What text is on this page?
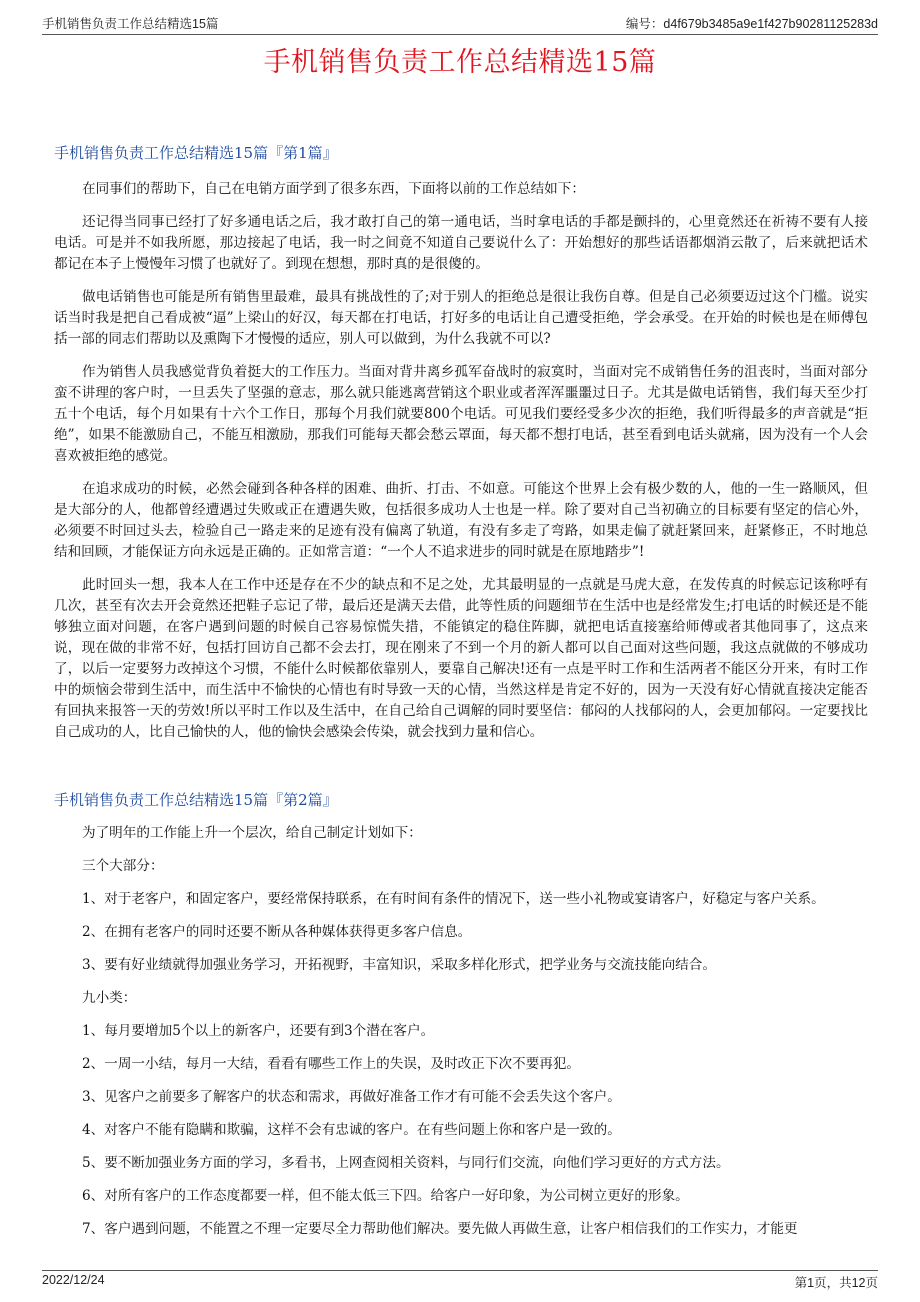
手机销售负责工作总结精选15篇	编号：d4f679b3485a9e1f427b90281125283d
手机销售负责工作总结精选15篇
手机销售负责工作总结精选15篇『第1篇』

在同事们的帮助下，自己在电销方面学到了很多东西，下面将以前的工作总结如下：

还记得当同事已经打了好多通电话之后，我才敢打自己的第一通电话，当时拿电话的手都是颤抖的，心里竟然还在祈祷不要有人接电话。可是并不如我所愿，那边接起了电话，我一时之间竟不知道自己要说什么了：开始想好的那些话语都烟消云散了，后来就把话术都记在本子上慢慢年习惯了也就好了。到现在想想，那时真的是很傻的。

做电话销售也可能是所有销售里最难，最具有挑战性的了;对于别人的拒绝总是很让我伤自尊。但是自己必须要迈过这个门槛。说实话当时我是把自己看成被“逼”上梁山的好汉，每天都在打电话，打好多的电话让自己遭受拒绝，学会承受。在开始的时候也是在师傅包括一部的同志们帮助以及熏陶下才慢慢的适应，别人可以做到，为什么我就不可以?

作为销售人员我感觉背负着挺大的工作压力。当面对背井离乡孤军奋战时的寂寞时，当面对完不成销售任务的沮丧时，当面对部分蛮不讲理的客户时，一旦丢失了坚强的意志，那么就只能逃离营销这个职业或者浑浑噩噩过日子。尤其是做电话销售，我们每天至少打五十个电话，每个月如果有十六个工作日，那每个月我们就要800个电话。可见我们要经受多少次的拒绝，我们听得最多的声音就是“拒绝”，如果不能激励自己，不能互相激励，那我们可能每天都会愁云罩面，每天都不想打电话，甚至看到电话头就痛，因为没有一个人会喜欢被拒绝的感觉。

在追求成功的时候，必然会碰到各种各样的困难、曲折、打击、不如意。可能这个世界上会有极少数的人，他的一生一路顺风，但是大部分的人，他都曾经遭遇过失败或正在遭遇失败，包括很多成功人士也是一样。除了要对自己当初确立的目标要有坚定的信心外，必须要不时回过头去，检验自己一路走来的足迹有没有偏离了轨道，有没有多走了弯路，如果走偏了就赶紧回来，赶紧修正，不时地总结和回顾，才能保证方向永远是正确的。正如常言道：“一个人不追求进步的同时就是在原地踏步”!

此时回头一想，我本人在工作中还是存在不少的缺点和不足之处，尤其最明显的一点就是马虎大意，在发传真的时候忘记该称呼有几次，甚至有次去开会竟然还把鞋子忘记了带，最后还是满天去借，此等性质的问题细节在生活中也是经常发生;打电话的时候还是不能够独立面对问题，在客户遇到问题的时候自己容易惊慌失措，不能镇定的稳住阵脚，就把电话直接塞给师傅或者其他同事了，这点来说，现在做的非常不好，包括打回访自己都不会去打，现在刚来了不到一个月的新人都可以自己面对这些问题，我这点就做的不够成功了，以后一定要努力改掉这个习惯，不能什么时候都依靠别人，要靠自己解决!还有一点是平时工作和生活两者不能区分开来，有时工作中的烦恼会带到生活中，而生活中不愉快的心情也有时导致一天的心情，当然这样是肯定不好的，因为一天没有好心情就直接决定能否有回执来报答一天的劳效!所以平时工作以及生活中，在自己给自己调解的同时要坚信：郁闷的人找郁闷的人，会更加郁闷。一定要找比自己成功的人，比自己愉快的人，他的愉快会感染会传染，就会找到力量和信心。

手机销售负责工作总结精选15篇『第2篇』

为了明年的工作能上升一个层次，给自己制定计划如下：

三个大部分：

1、对于老客户，和固定客户，要经常保持联系，在有时间有条件的情况下，送一些小礼物或宴请客户，好稳定与客户关系。

2、在拥有老客户的同时还要不断从各种媒体获得更多客户信息。

3、要有好业绩就得加强业务学习，开拓视野，丰富知识，采取多样化形式，把学业务与交流技能向结合。

九小类：

1、每月要增加5个以上的新客户，还要有到3个潜在客户。

2、一周一小结，每月一大结，看看有哪些工作上的失误，及时改正下次不要再犯。

3、见客户之前要多了解客户的状态和需求，再做好准备工作才有可能不会丢失这个客户。

4、对客户不能有隐瞒和欺骗，这样不会有忠诚的客户。在有些问题上你和客户是一致的。

5、要不断加强业务方面的学习，多看书，上网查阅相关资料，与同行们交流，向他们学习更好的方式方法。

6、对所有客户的工作态度都要一样，但不能太低三下四。给客户一好印象，为公司树立更好的形象。

7、客户遇到问题，不能置之不理一定要尽全力帮助他们解决。要先做人再做生意，让客户相信我们的工作实力，才能更

2022/12/24	第1页，共12页
